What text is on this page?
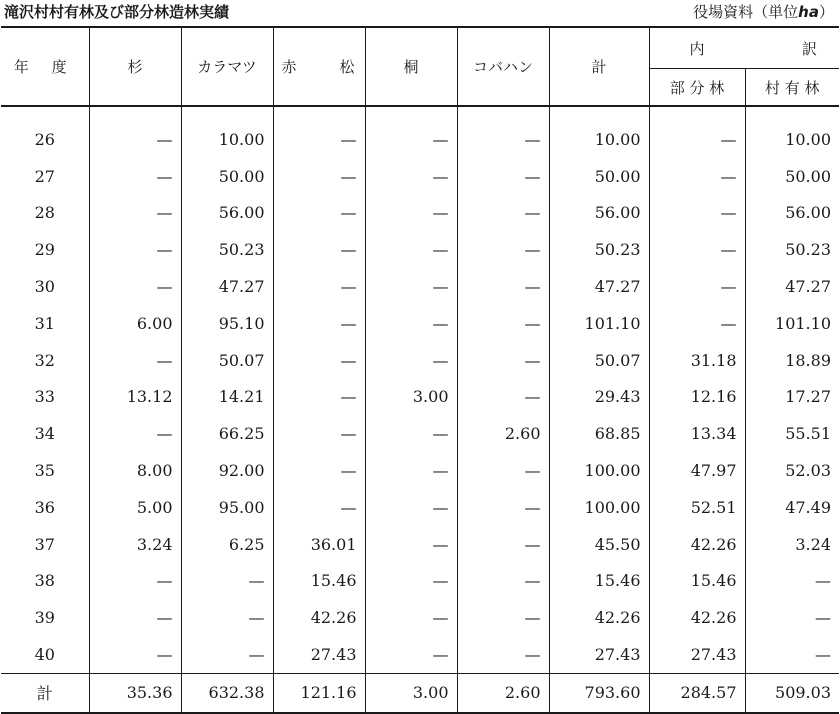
滝沢村村有林及び部分林造林実績	役場資料（単位ha）
年 度	杉	カラマツ	赤 松	桐	コバハン	計	内 訳	

							部 分 林	村 有 林
26	—	10.00	—	—	—	10.00	—	10.00
27	—	50.00	—	—	—	50.00	—	50.00
28	—	56.00	—	—	—	56.00	—	56.00
29	—	50.23	—	—	—	50.23	—	50.23
30	—	47.27	—	—	—	47.27	—	47.27
31	6.00	95.10	—	—	—	101.10	—	101.10
32	—	50.07	—	—	—	50.07	31.18	18.89
33	13.12	14.21	—	3.00	—	29.43	12.16	17.27
34	—	66.25	—	—	2.60	68.85	13.34	55.51
35	8.00	92.00	—	—	—	100.00	47.97	52.03
36	5.00	95.00	—	—	—	100.00	52.51	47.49
37	3.24	6.25	36.01	—	—	45.50	42.26	3.24
38	—	—	15.46	—	—	15.46	15.46	—
39	—	—	42.26	—	—	42.26	42.26	—
40	—	—	27.43	—	—	27.43	27.43	—
計	35.36	632.38	121.16	3.00	2.60	793.60	284.57	509.03
